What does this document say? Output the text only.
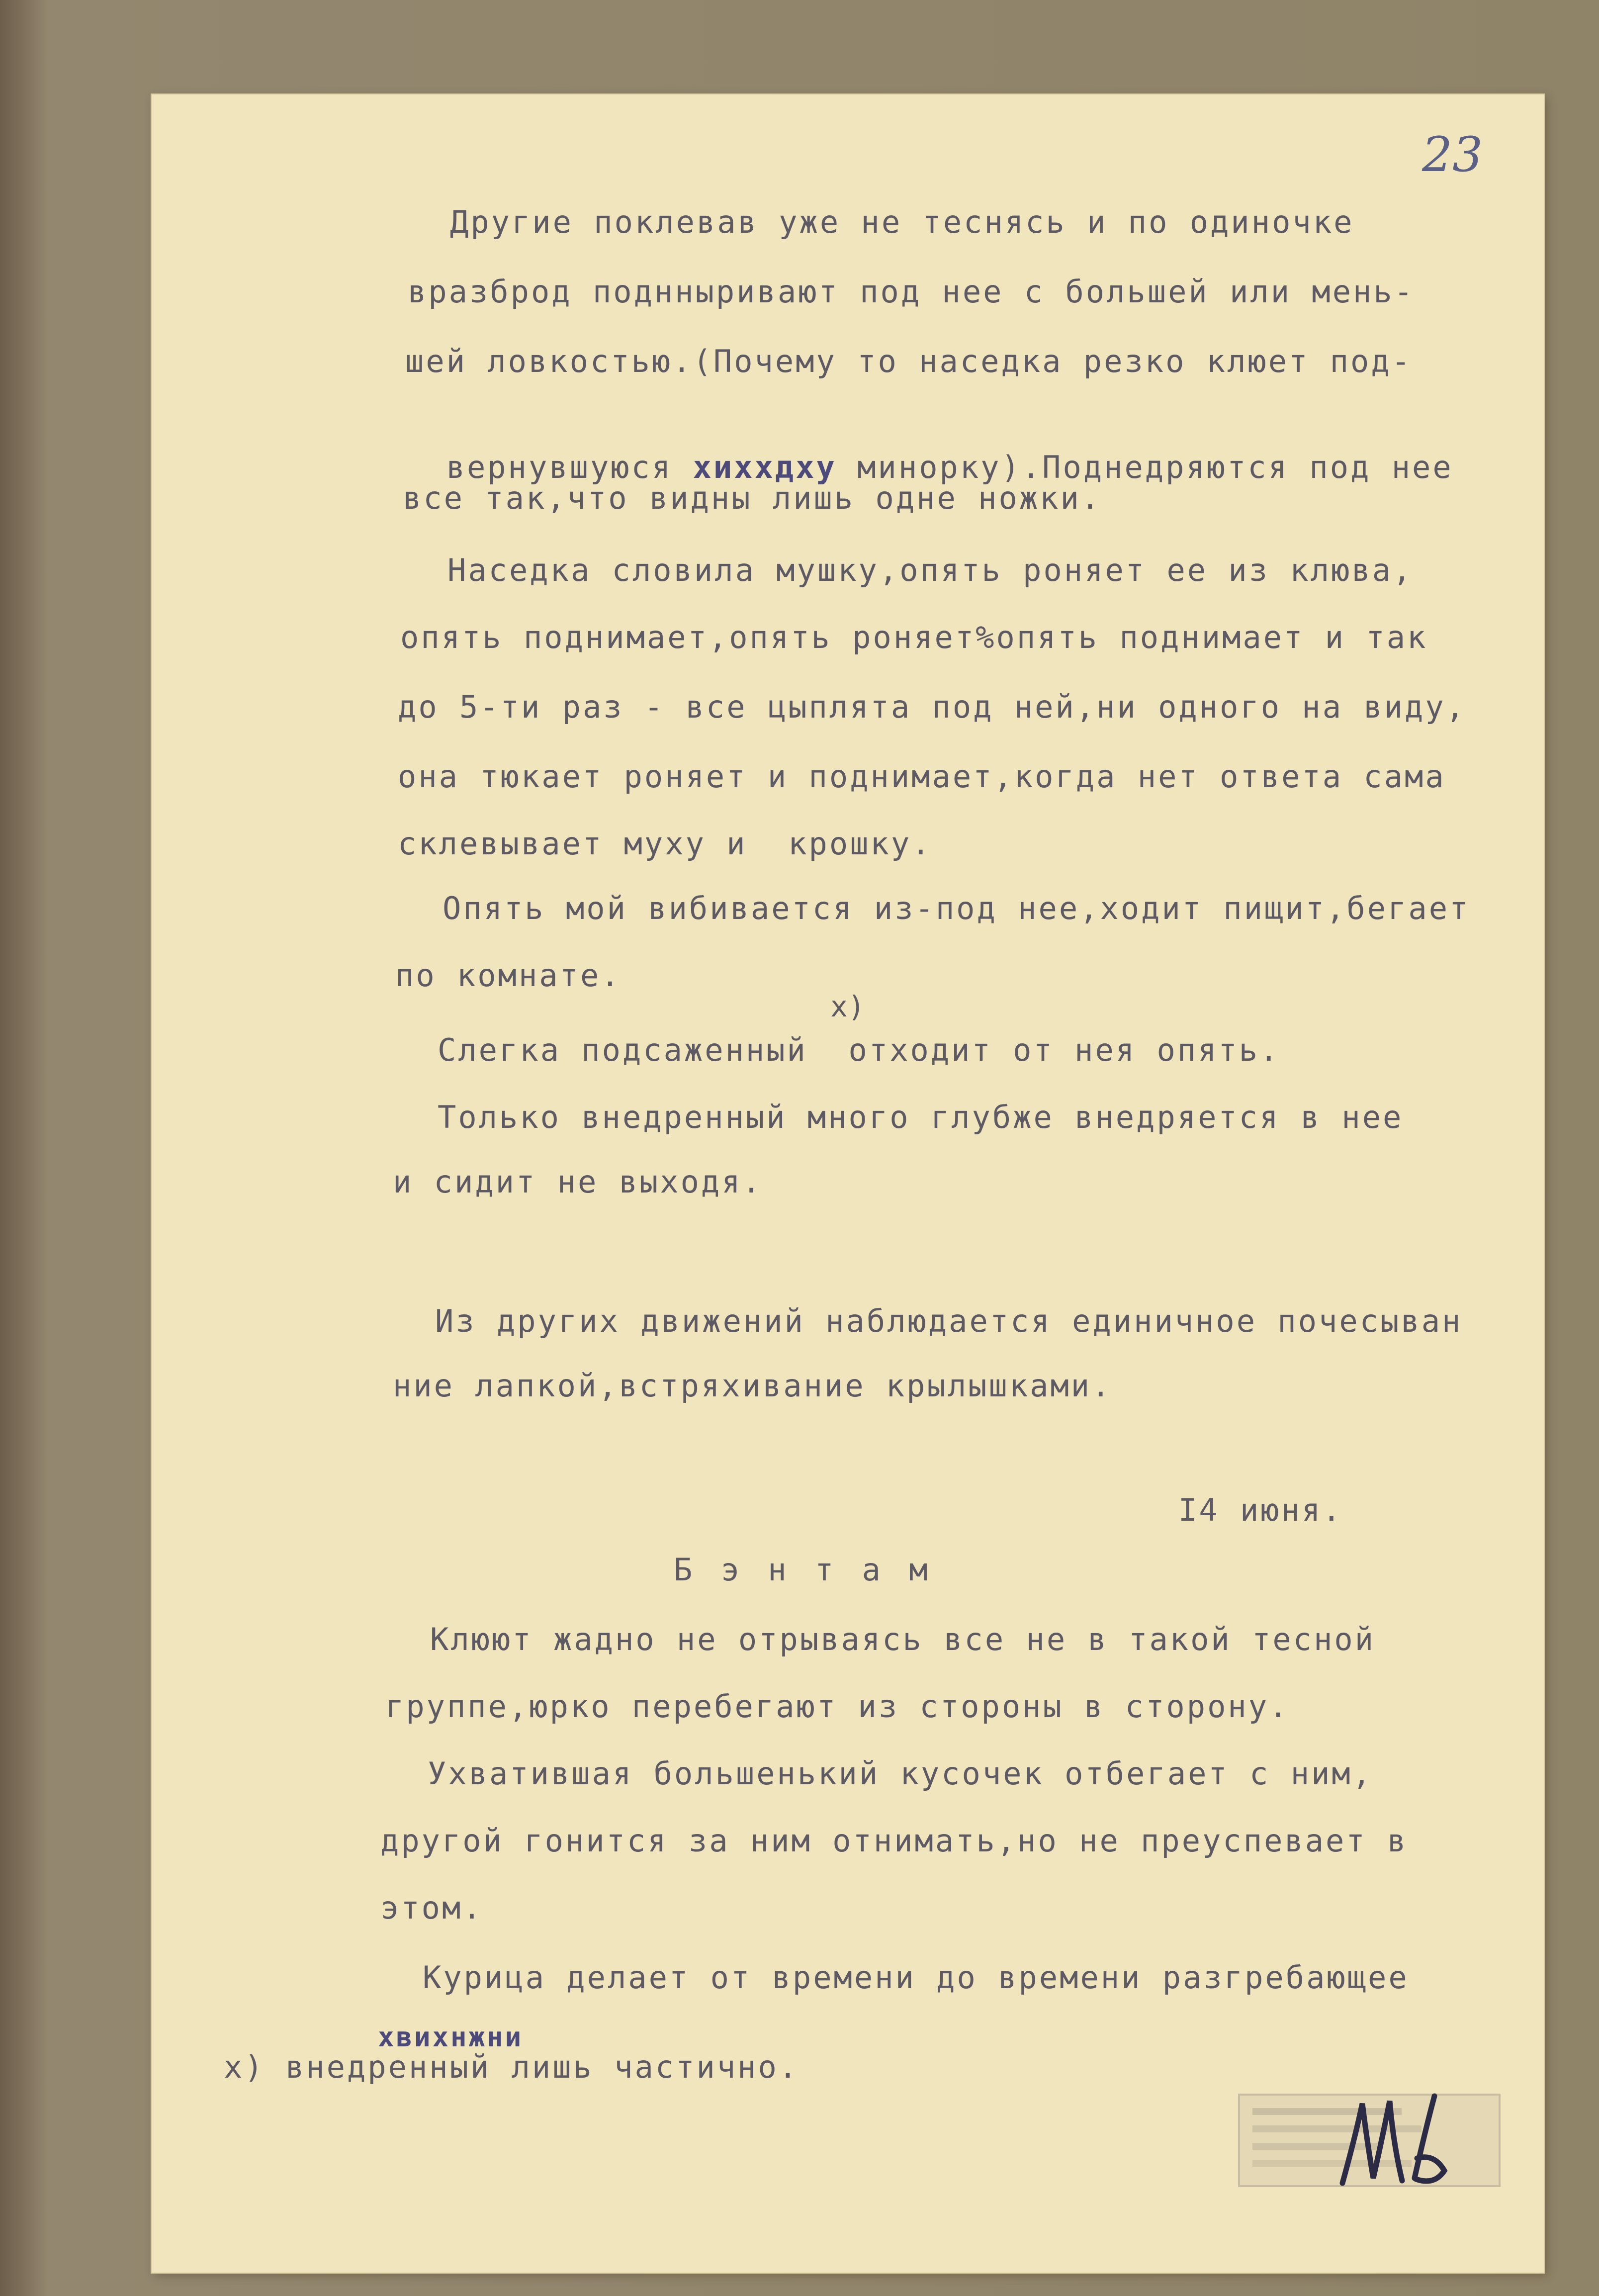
23
Другие поклевав уже не теснясь и по одиночке
вразброд поднныривают под нее с большей или мень-
шей ловкостью.(Почему то наседка резко клюет под-

вернувшуюся хиххдху минорку).Поднедряются под нее

все так,что видны лишь одне ножки.
Наседка словила мушку,опять роняет ее из клюва,
опять поднимает,опять роняет%опять поднимает и так
до 5-ти раз - все цыплята под ней,ни одного на виду,
она тюкает роняет и поднимает,когда нет ответа сама
склевывает муху и  крошку.
Опять мой вибивается из-под нее,ходит пищит,бегает
по комнате.
х)
Слегка подсаженный  отходит от нея опять.
Только внедренный много глубже внедряется в нее
и сидит не выходя.
Из других движений наблюдается единичное почесыван
ние лапкой,встряхивание крылышками.
I4 июня.
Б э н т а м
Клюют жадно не отрываясь все не в такой тесной
группе,юрко перебегают из стороны в сторону.
Ухватившая большенький кусочек отбегает с ним,
другой гонится за ним отнимать,но не преуспевает в
этом.
Курица делает от времени до времени разгребающее
хвихнжни
х) внедренный лишь частично.
